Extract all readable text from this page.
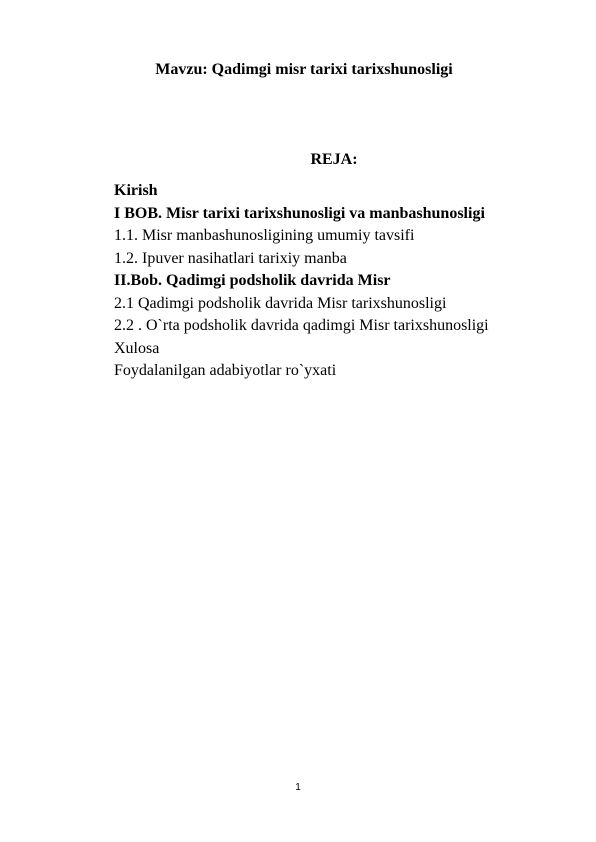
Mavzu: Qadimgi misr tarixi tarixshunosligi
REJA:
Kirish
I BOB. Misr tarixi tarixshunosligi va manbashunosligi
1.1. Misr manbashunosligining umumiy tavsifi
1.2. Ipuver nasihatlari tarixiy manba
II.Bob. Qadimgi podsholik davrida Misr
2.1 Qadimgi podsholik davrida Misr tarixshunosligi
2.2 . O`rta podsholik davrida qadimgi Misr tarixshunosligi
Xulosa
Foydalanilgan adabiyotlar ro`yxati
1
